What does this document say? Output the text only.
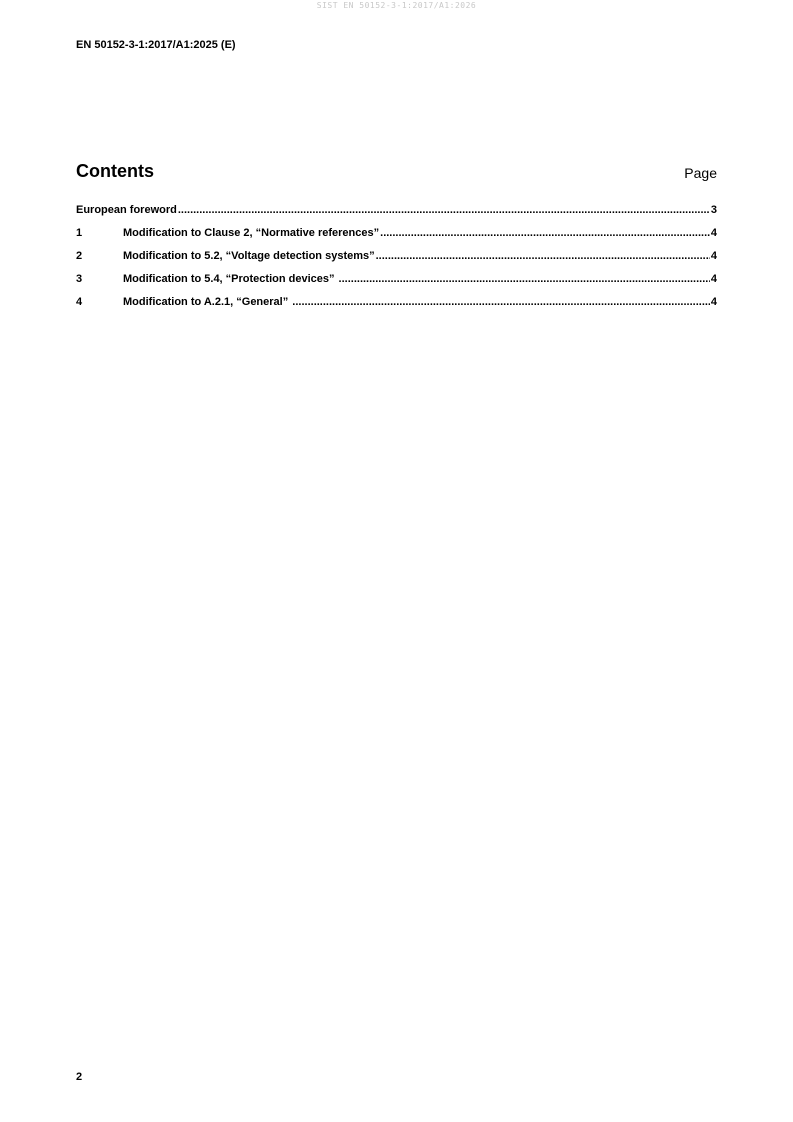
SIST EN 50152-3-1:2017/A1:2026
EN 50152-3-1:2017/A1:2025 (E)
Contents	Page
European foreword .....	3
1	Modification to Clause 2, “Normative references” .....	4
2	Modification to 5.2, “Voltage detection systems” .....	4
3	Modification to 5.4, “Protection devices” .....	4
4	Modification to A.2.1, “General” .....	4
2
